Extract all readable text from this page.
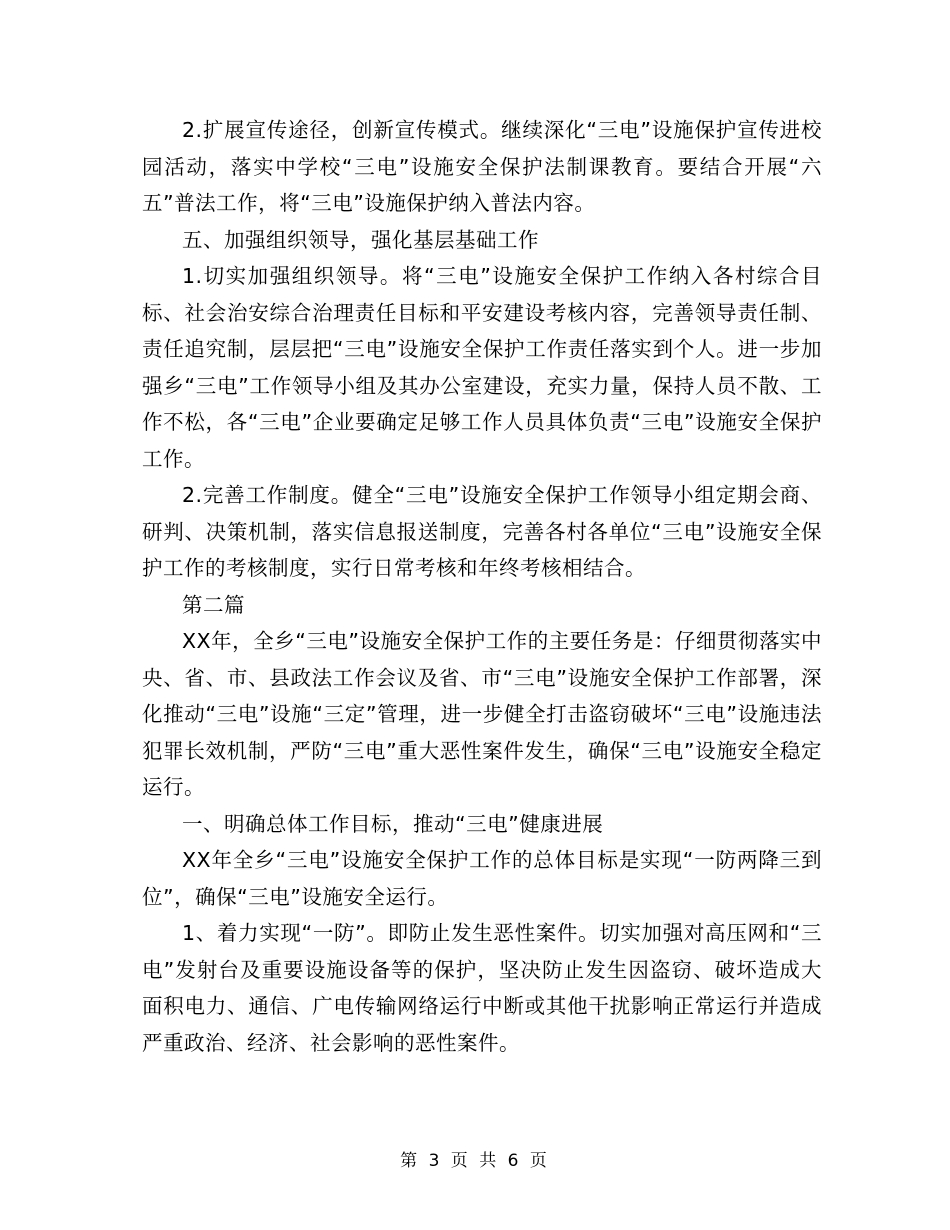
2.扩展宣传途径，创新宣传模式。继续深化“三电”设施保护宣传进校园活动，落实中学校“三电”设施安全保护法制课教育。要结合开展“六五”普法工作，将“三电”设施保护纳入普法内容。

五、加强组织领导，强化基层基础工作

1.切实加强组织领导。将“三电”设施安全保护工作纳入各村综合目标、社会治安综合治理责任目标和平安建设考核内容，完善领导责任制、责任追究制，层层把“三电”设施安全保护工作责任落实到个人。进一步加强乡“三电”工作领导小组及其办公室建设，充实力量，保持人员不散、工作不松，各“三电”企业要确定足够工作人员具体负责“三电”设施安全保护工作。

2.完善工作制度。健全“三电”设施安全保护工作领导小组定期会商、研判、决策机制，落实信息报送制度，完善各村各单位“三电”设施安全保护工作的考核制度，实行日常考核和年终考核相结合。

第二篇

XX年，全乡“三电”设施安全保护工作的主要任务是：仔细贯彻落实中央、省、市、县政法工作会议及省、市“三电”设施安全保护工作部署，深化推动“三电”设施“三定”管理，进一步健全打击盗窃破坏“三电”设施违法犯罪长效机制，严防“三电”重大恶性案件发生，确保“三电”设施安全稳定运行。

一、明确总体工作目标，推动“三电”健康进展

XX年全乡“三电”设施安全保护工作的总体目标是实现“一防两降三到位”，确保“三电”设施安全运行。

1、着力实现“一防”。即防止发生恶性案件。切实加强对高压网和“三电”发射台及重要设施设备等的保护，坚决防止发生因盗窃、破坏造成大面积电力、通信、广电传输网络运行中断或其他干扰影响正常运行并造成严重政治、经济、社会影响的恶性案件。

第 3 页 共 6 页
